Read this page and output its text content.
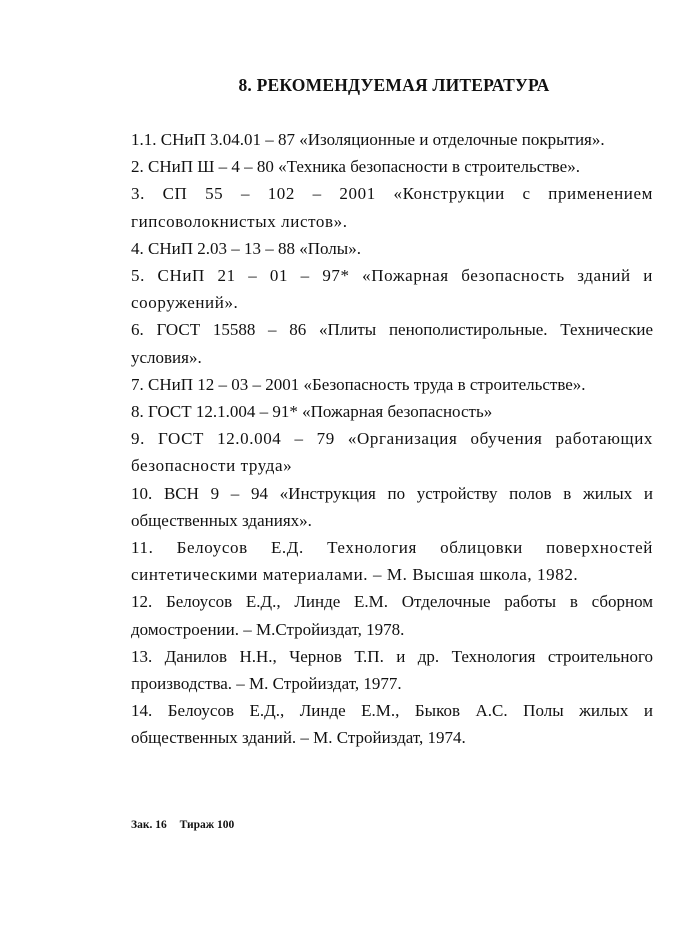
8. РЕКОМЕНДУЕМАЯ ЛИТЕРАТУРА
1.1. СНиП 3.04.01 – 87 «Изоляционные и отделочные покрытия».
2. СНиП Ш – 4 – 80 «Техника безопасности в строительстве».
3. СП 55 – 102 – 2001 «Конструкции с применением гипсоволокнистых листов».
4. СНиП 2.03 – 13 – 88 «Полы».
5. СНиП 21 – 01 – 97* «Пожарная безопасность зданий и сооружений».
6. ГОСТ 15588 – 86 «Плиты пенополистирольные. Технические условия».
7. СНиП 12 – 03 – 2001 «Безопасность труда в строительстве».
8. ГОСТ 12.1.004 – 91* «Пожарная безопасность»
9. ГОСТ 12.0.004 – 79 «Организация обучения работающих безопасности труда»
10. ВСН 9 – 94 «Инструкция по устройству полов в жилых и общественных зданиях».
11. Белоусов Е.Д. Технология облицовки поверхностей синтетическими материалами. – М. Высшая школа, 1982.
12. Белоусов Е.Д., Линде Е.М. Отделочные работы в сборном домостроении. – М.Стройиздат, 1978.
13. Данилов Н.Н., Чернов Т.П. и др. Технология строительного производства. – М. Стройиздат, 1977.
14. Белоусов Е.Д., Линде Е.М., Быков А.С. Полы жилых и общественных зданий. – М. Стройиздат, 1974.
Зак. 16 Тираж 100
